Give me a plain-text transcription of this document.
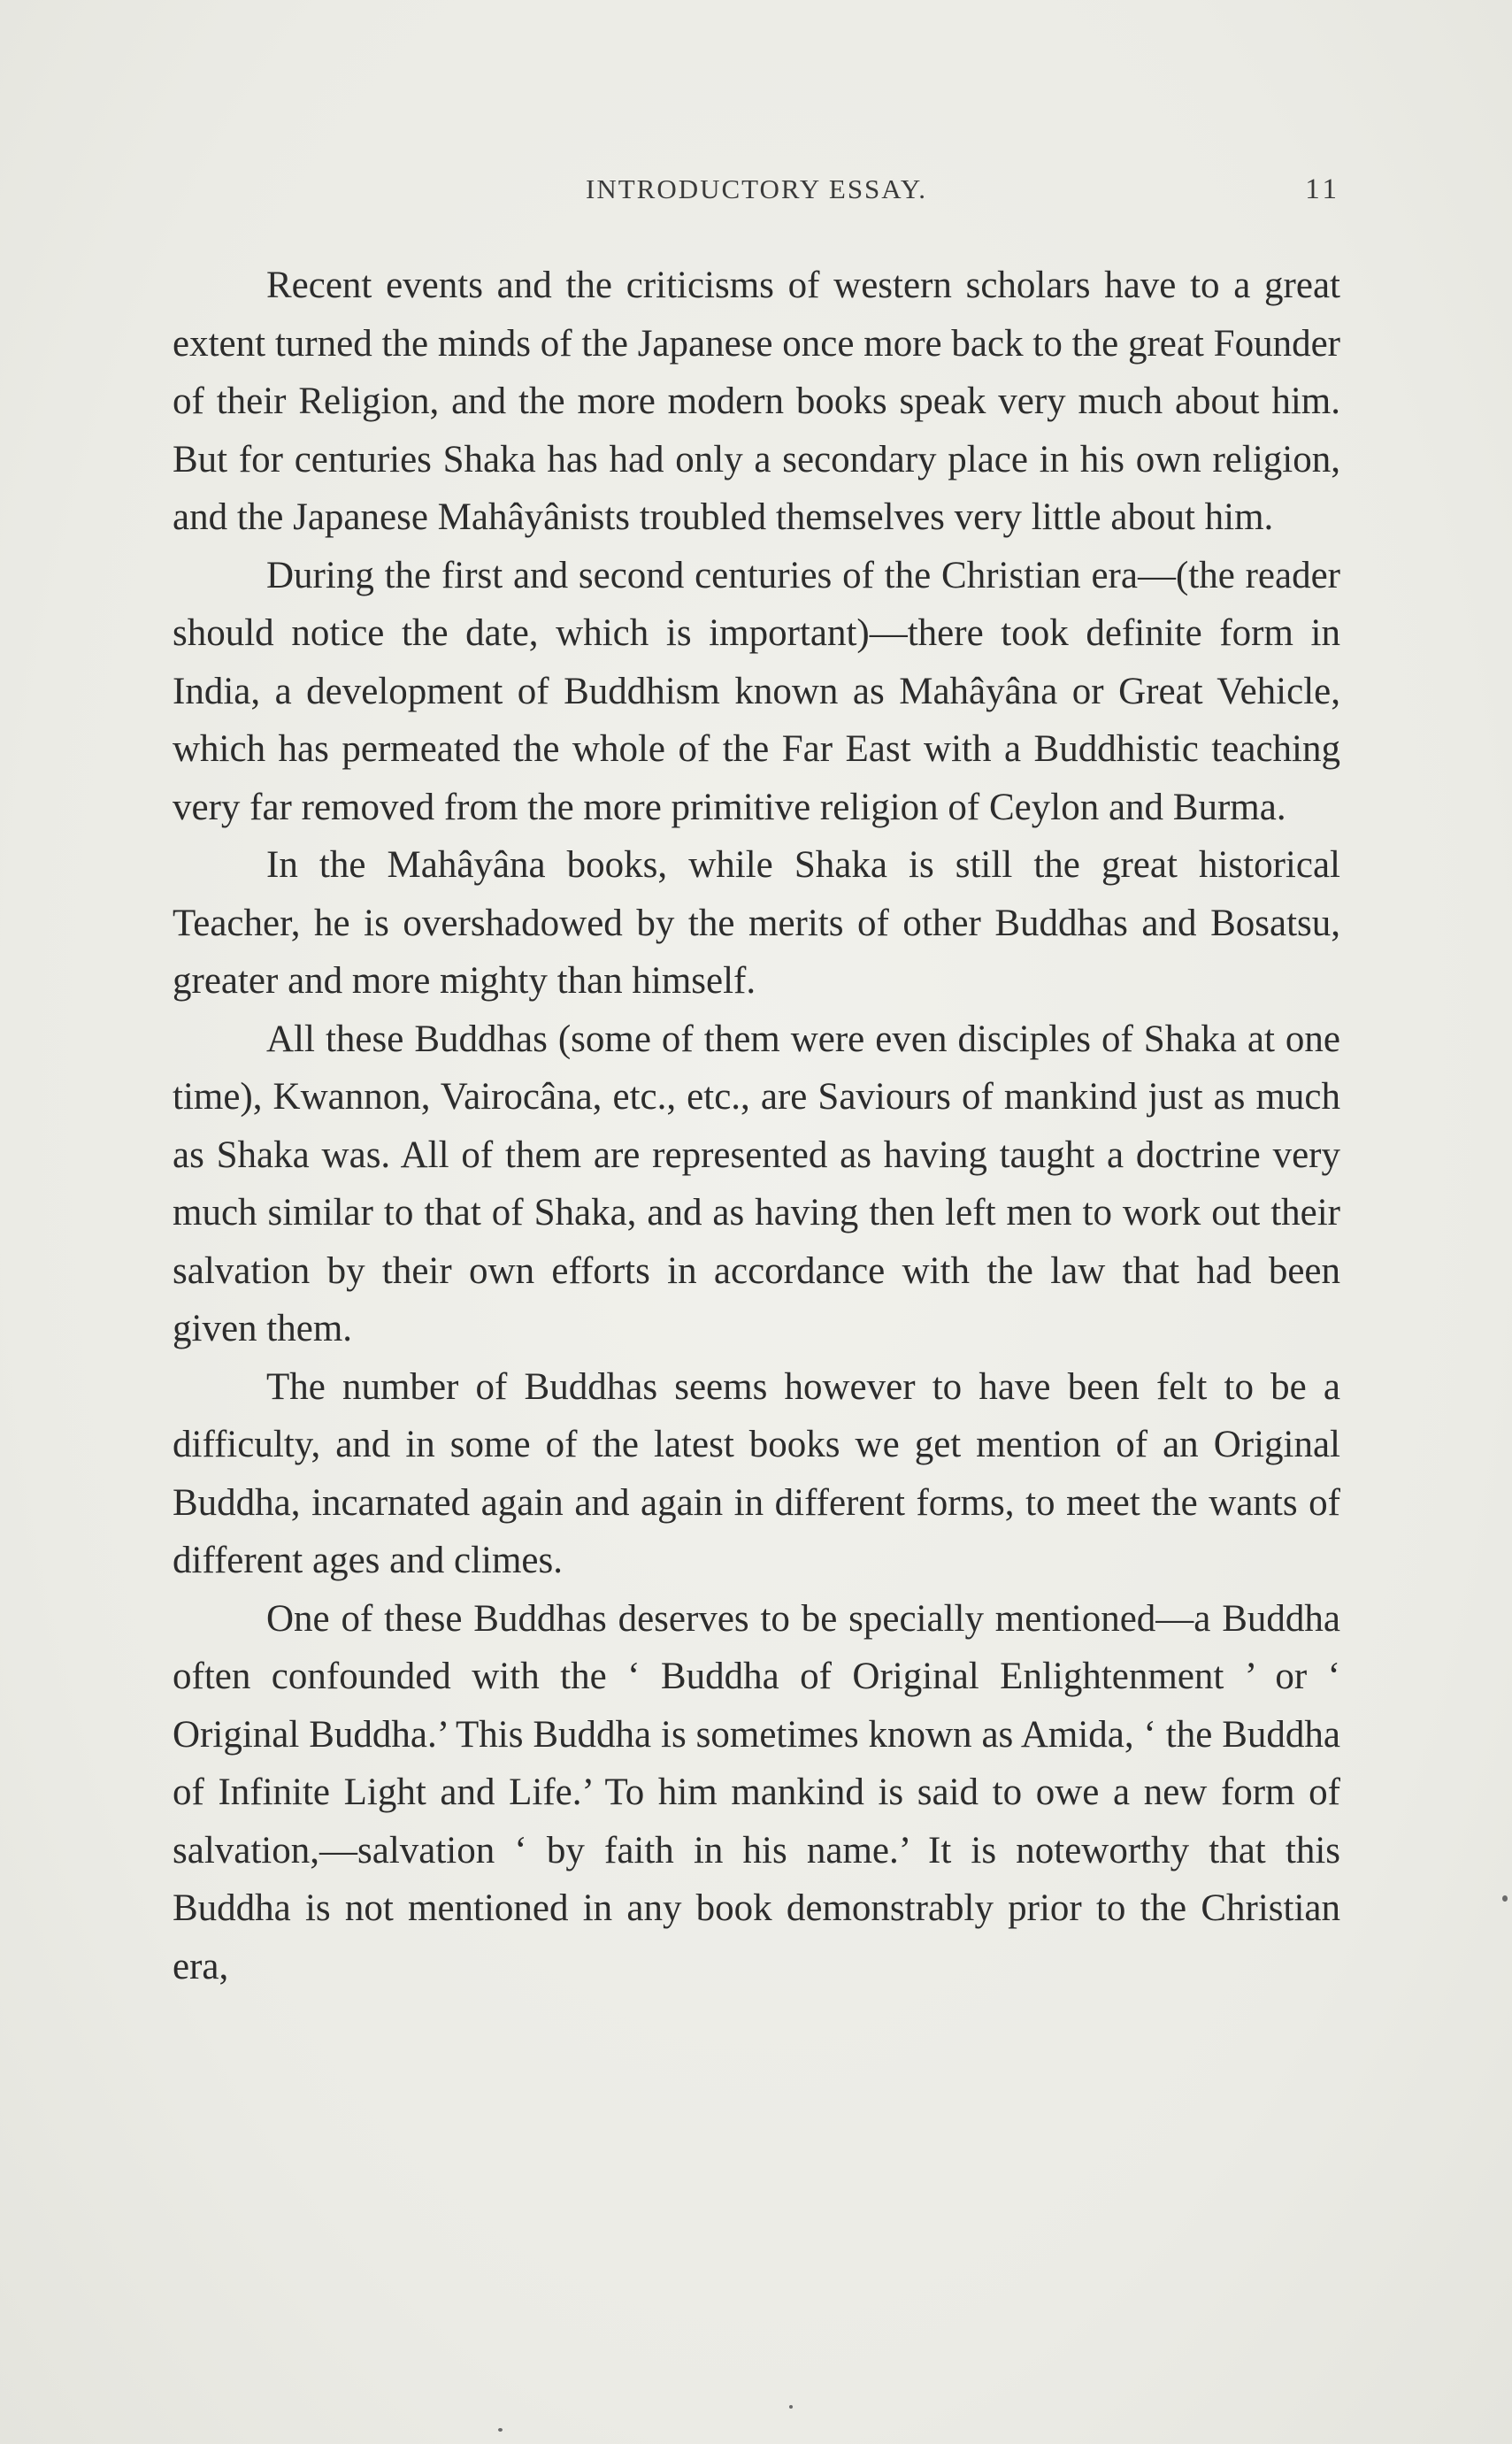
INTRODUCTORY ESSAY.	11

Recent events and the criticisms of western scholars have to a great extent turned the minds of the Japanese once more back to the great Founder of their Religion, and the more modern books speak very much about him. But for centuries Shaka has had only a secondary place in his own religion, and the Japanese Mahâyânists troubled themselves very little about him.

During the first and second centuries of the Christian era—(the reader should notice the date, which is important)—there took definite form in India, a development of Buddhism known as Mahâyâna or Great Vehicle, which has permeated the whole of the Far East with a Buddhistic teaching very far removed from the more primitive religion of Ceylon and Burma.

In the Mahâyâna books, while Shaka is still the great historical Teacher, he is overshadowed by the merits of other Buddhas and Bosatsu, greater and more mighty than himself.

All these Buddhas (some of them were even disciples of Shaka at one time), Kwannon, Vairocâna, etc., etc., are Saviours of mankind just as much as Shaka was. All of them are represented as having taught a doctrine very much similar to that of Shaka, and as having then left men to work out their salvation by their own efforts in accordance with the law that had been given them.

The number of Buddhas seems however to have been felt to be a difficulty, and in some of the latest books we get mention of an Original Buddha, incarnated again and again in different forms, to meet the wants of different ages and climes.

One of these Buddhas deserves to be specially mentioned—a Buddha often confounded with the ‘ Buddha of Original Enlightenment ’ or ‘ Original Buddha.’ This Buddha is sometimes known as Amida, ‘ the Buddha of Infinite Light and Life.’ To him mankind is said to owe a new form of salvation,—salvation ‘ by faith in his name.’ It is noteworthy that this Buddha is not mentioned in any book demonstrably prior to the Christian era,
